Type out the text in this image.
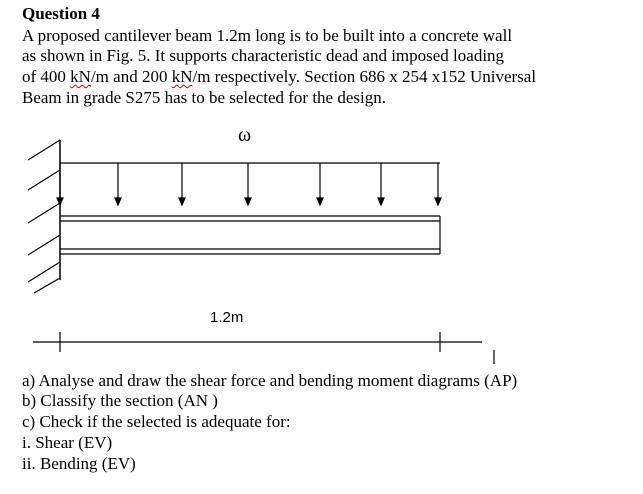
Question 4
A proposed cantilever beam 1.2m long is to be built into a concrete wall
as shown in Fig. 5. It supports characteristic dead and imposed loading
of 400 kN/m and 200 kN/m respectively. Section 686 x 254 x152 Universal
Beam in grade S275 has to be selected for the design.
ω
1.2m
a) Analyse and draw the shear force and bending moment diagrams (AP)
b) Classify the section (AN )
c) Check if the selected is adequate for:
i. Shear (EV)
ii. Bending (EV)
